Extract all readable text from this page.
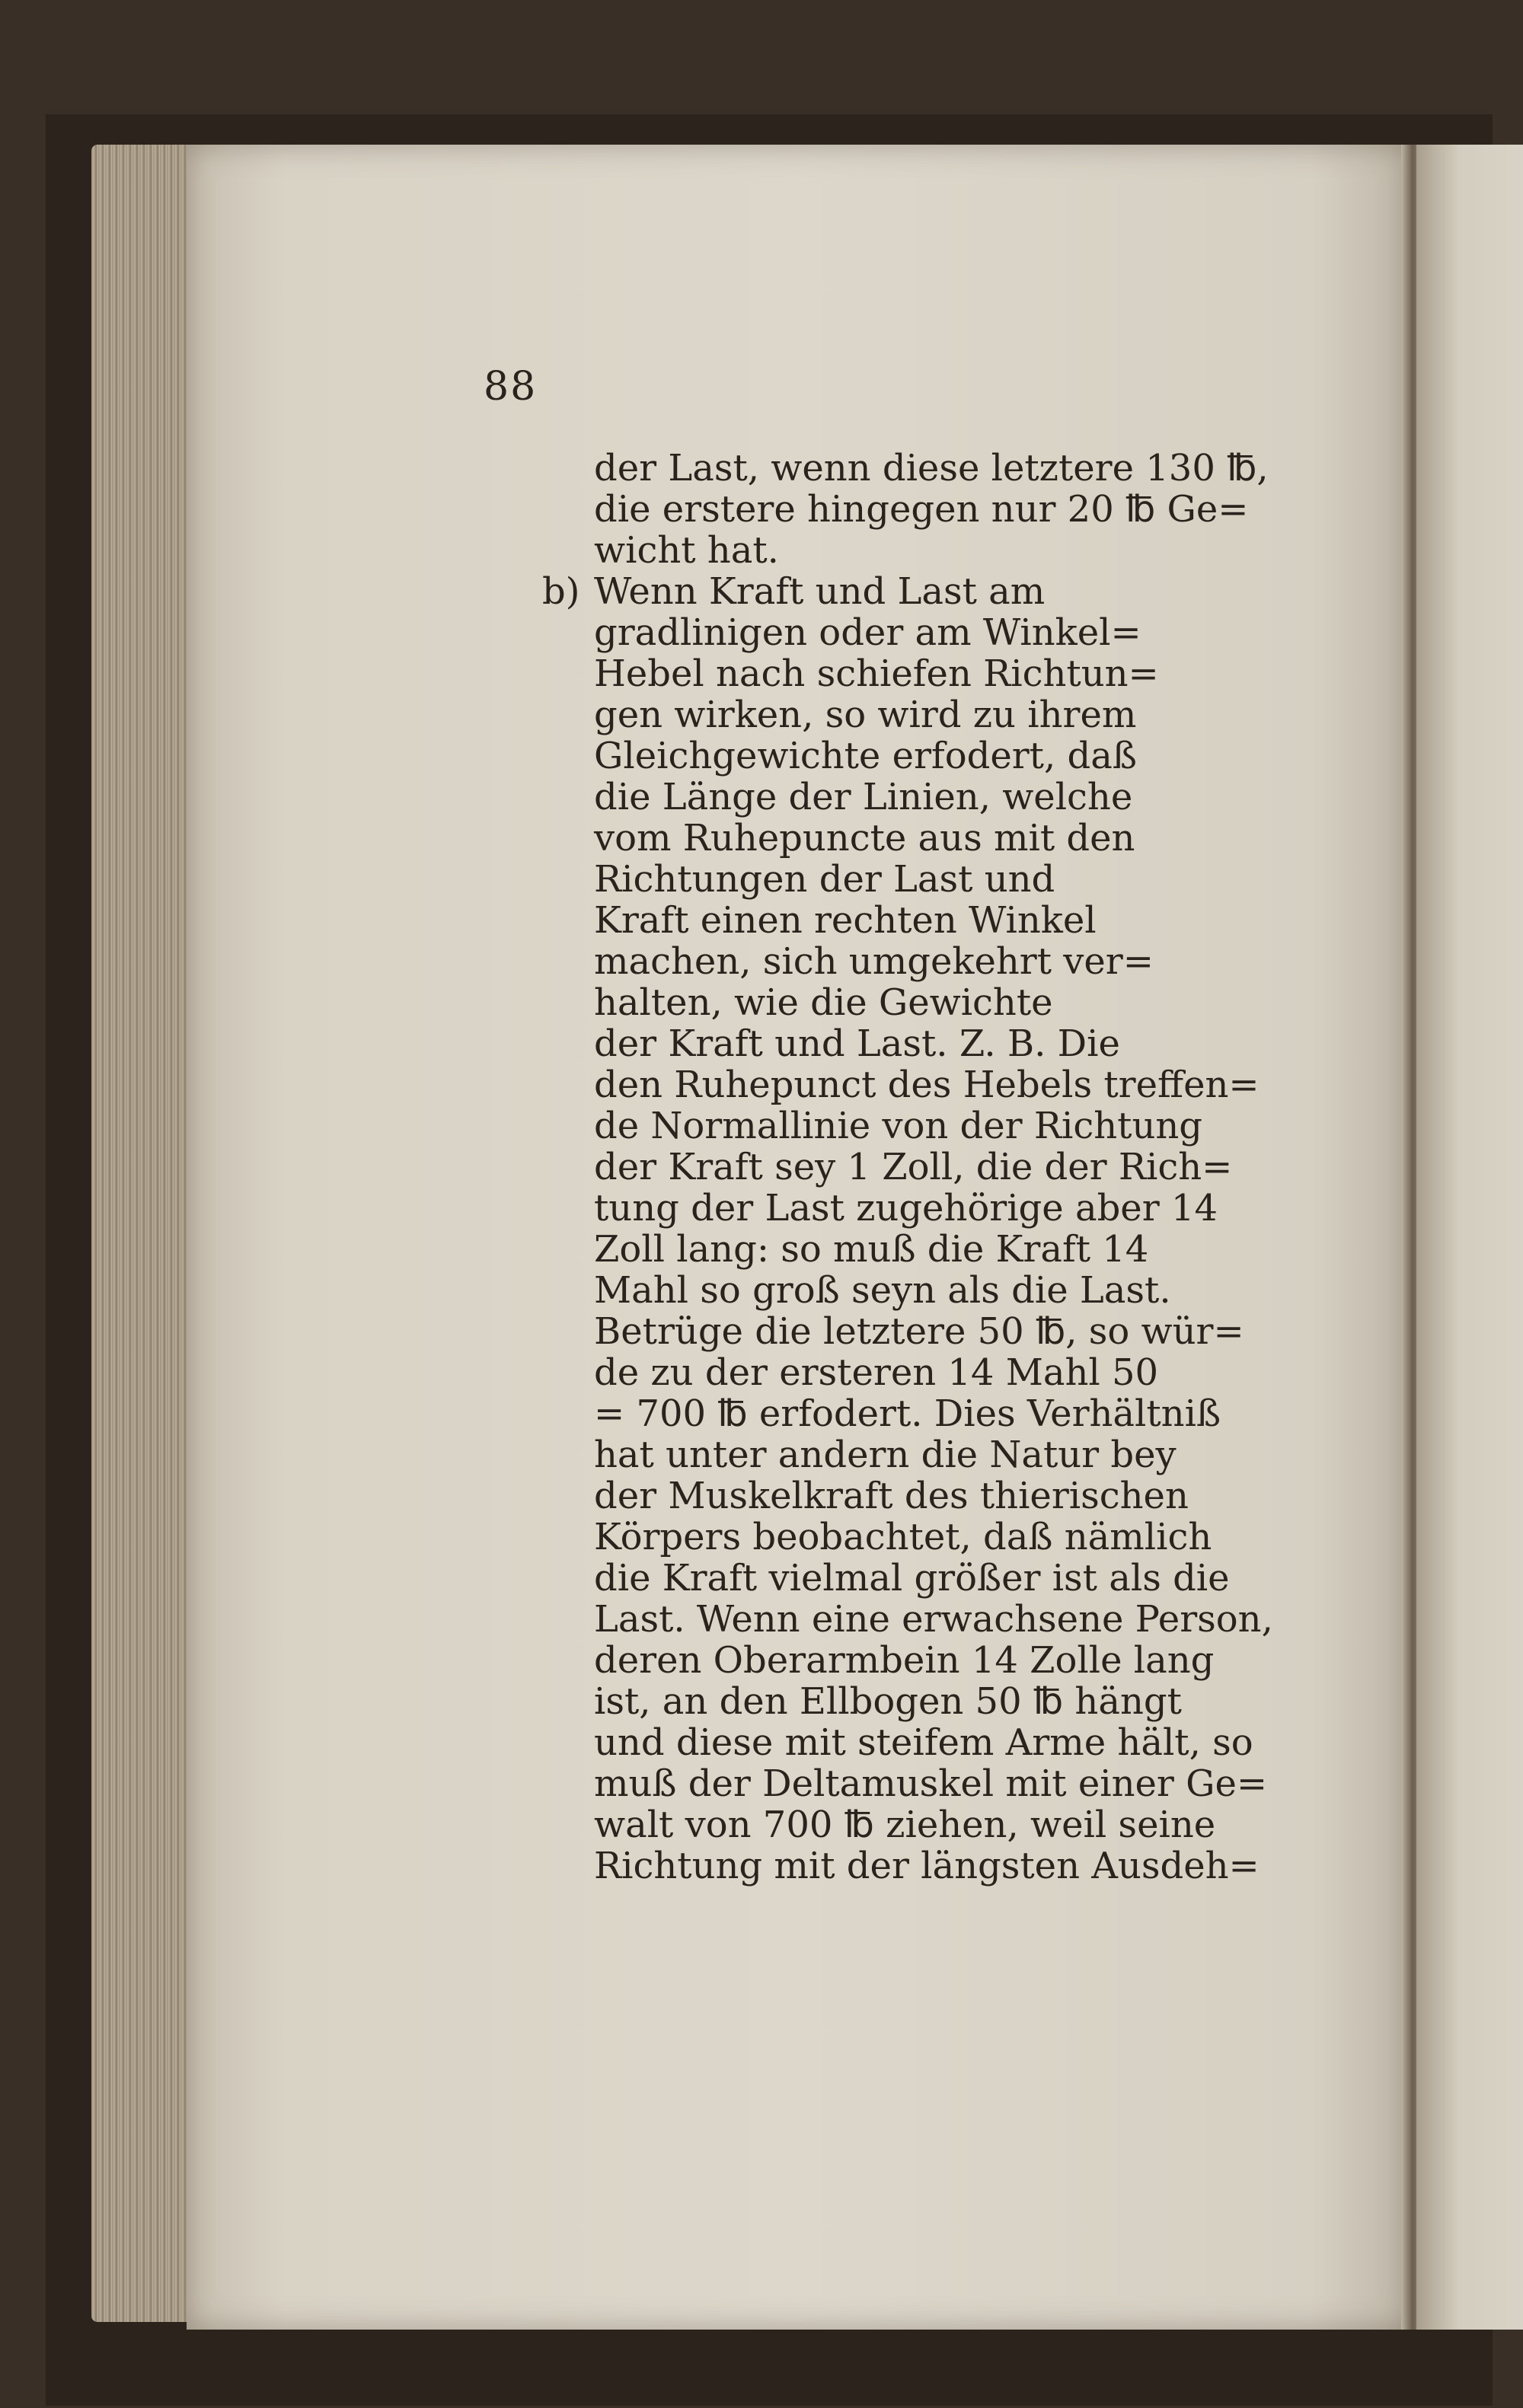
88
der Last, wenn diese letztere 130 ℔,
die erstere hingegen nur 20 ℔ Ge=
wicht hat.
b) Wenn Kraft und Last am
gradlinigen oder am Winkel=
Hebel nach schiefen Richtun=
gen wirken, so wird zu ihrem
Gleichgewichte erfodert, daß
die Länge der Linien, welche
vom Ruhepuncte aus mit den
Richtungen der Last und
Kraft einen rechten Winkel
machen, sich umgekehrt ver=
halten, wie die Gewichte
der Kraft und Last. Z. B. Die
den Ruhepunct des Hebels treffen=
de Normallinie von der Richtung
der Kraft sey 1 Zoll, die der Rich=
tung der Last zugehörige aber 14
Zoll lang: so muß die Kraft 14
Mahl so groß seyn als die Last.
Betrüge die letztere 50 ℔, so wür=
de zu der ersteren 14 Mahl 50
= 700 ℔ erfodert. Dies Verhältniß
hat unter andern die Natur bey
der Muskelkraft des thierischen
Körpers beobachtet, daß nämlich
die Kraft vielmal größer ist als die
Last. Wenn eine erwachsene Person,
deren Oberarmbein 14 Zolle lang
ist, an den Ellbogen 50 ℔ hängt
und diese mit steifem Arme hält, so
muß der Deltamuskel mit einer Ge=
walt von 700 ℔ ziehen, weil seine
Richtung mit der längsten Ausdeh=
